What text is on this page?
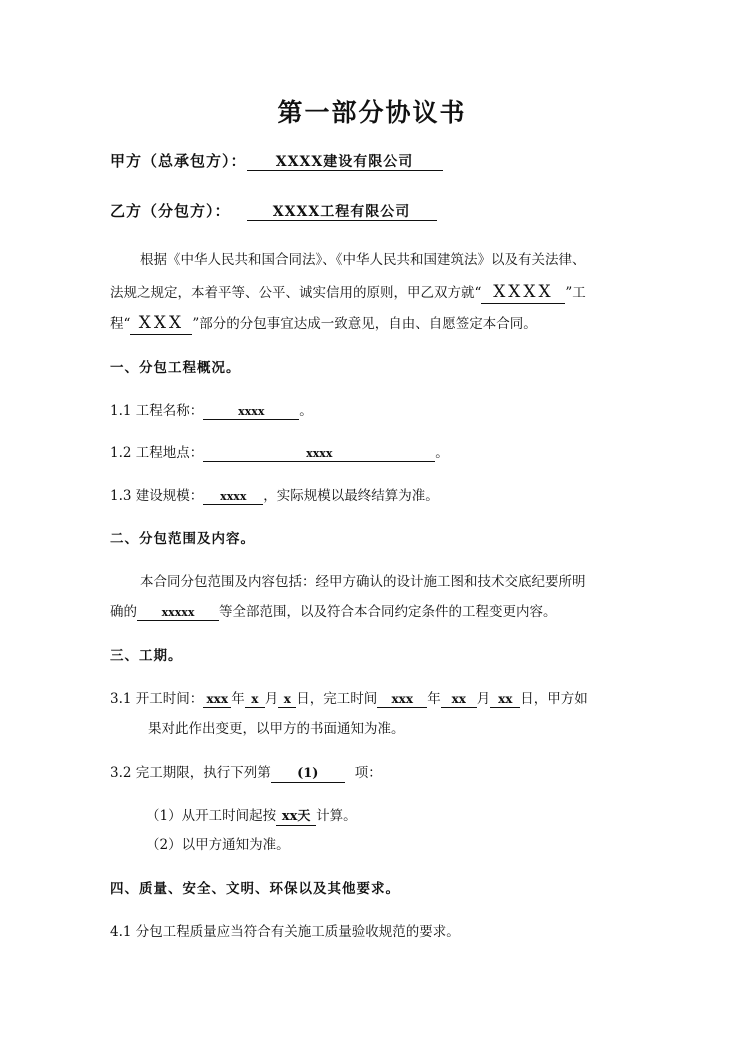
第一部分协议书
甲方（总承包方）： XXXX建设有限公司
乙方（分包方）：	XXXX工程有限公司
根据《中华人民共和国合同法》、《中华人民共和国建筑法》以及有关法律、
法规之规定，本着平等、公平、诚实信用的原则，甲乙双方就“ XXXX ”工
程“ XXX ”部分的分包事宜达成一致意见，自由、自愿签定本合同。
一、分包工程概况。
1.1 工程名称：	xxxx	。
1.2 工程地点：	xxxx	。
1.3 建设规模： xxxx ，实际规模以最终结算为准。
二、分包范围及内容。
本合同分包范围及内容包括：经甲方确认的设计施工图和技术交底纪要所明
确的 xxxxx 等全部范围，以及符合本合同约定条件的工程变更内容。
三、工期。
3.1 开工时间： xxx 年 x 月 x 日，完工时间 xxx 年 xx 月 xx 日，甲方如
果对此作出变更，以甲方的书面通知为准。
3.2 完工期限，执行下列第 (1)	项：
（1）从开工时间起按 xx天 计算。
（2）以甲方通知为准。
四、质量、安全、文明、环保以及其他要求。
4.1 分包工程质量应当符合有关施工质量验收规范的要求。
